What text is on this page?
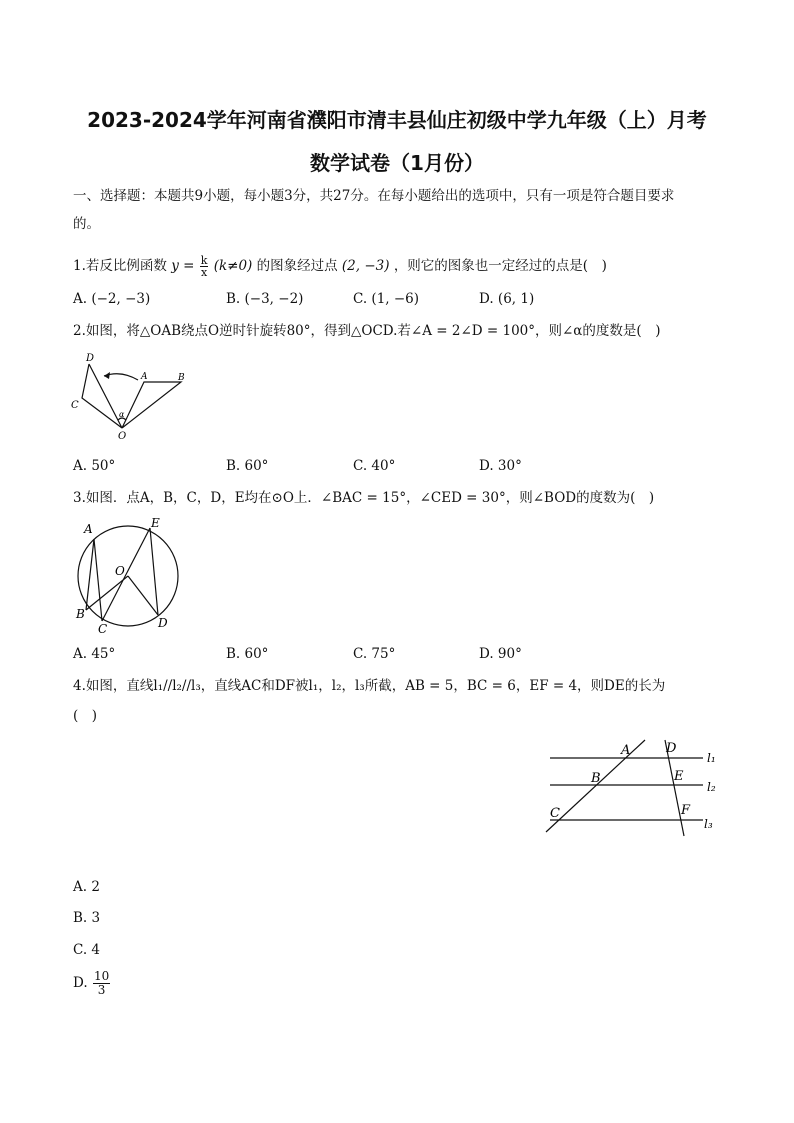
2023-2024学年河南省濮阳市清丰县仙庄初级中学九年级（上）月考
数学试卷（1月份）
一、选择题：本题共9小题，每小题3分，共27分。在每小题给出的选项中，只有一项是符合题目要求
的。
1.若反比例函数 $y = \frac{k}{x} (k\ne 0)$ 的图象经过点 (2, −3) ，则它的图象也一定经过的点是(　)
A. (−2, −3)	B. (−3, −2)	C. (1, −6)	D. (6, 1)
2.如图，将△OAB绕点O逆时针旋转80°，得到△OCD.若∠A = 2∠D = 100°，则∠α的度数是(　)
D
C
A	B
O
α
A. 50°	B. 60°	C. 40°	D. 30°
3.如图．点A，B，C，D，E均在⊙O上．∠BAC = 15°，∠CED = 30°，则∠BOD的度数为(　)
A	E
O
B
C	D
A. 45°	B. 60°	C. 75°	D. 90°
4.如图，直线l₁//l₂//l₃，直线AC和DF被l₁，l₂，l₃所截，AB = 5，BC = 6，EF = 4，则DE的长为
(　)
A	D
l₁
B	E
l₂
C	F
l₃
A. 2
B. 3
C. 4
D. $\frac{10}{3}$
